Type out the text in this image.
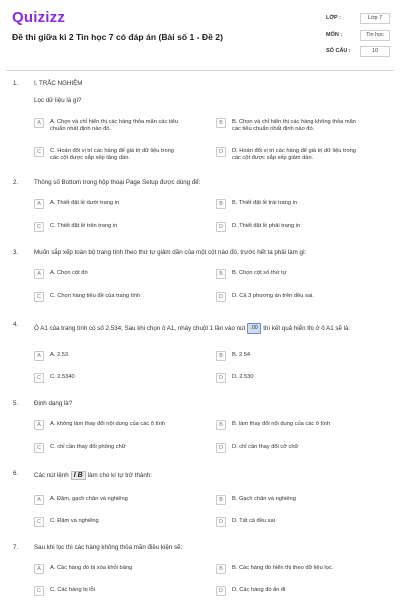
Quizizz
Đề thi giữa kì 2 Tin học 7 có đáp án (Bài số 1 - Đề 2)
LỚP :	Lớp 7
MÔN :	Tin học
SỐ CÂU :	10
1.	I. TRẮC NGHIỆM
Lọc dữ liệu là gì?
A	A. Chọn và chỉ hiển thị các hàng thỏa mãn các tiêu
chuẩn nhất định nào đó.
B	B. Chọn và chỉ hiển thị các hàng không thỏa mãn
các tiêu chuẩn nhất định nào đó.
C	C. Hoán đổi vị trí các hàng để giá trị dữ liệu trong
các cột được sắp xếp tăng dần.
D	D. Hoán đổi vị trí các hàng để giá trị dữ liệu trong
các cột được sắp xếp giảm dần.
2.	Thông số Bottom trong hộp thoại Page Setup được dùng để:
A	A. Thiết đặt lề dưới trang in	B	B. Thiết đặt lề trái trang in
C	C. Thiết đặt lề trên trang in	D	D. Thiết đặt lề phải trang in
3.	Muốn sắp xếp toàn bộ trang tính theo thứ tự giảm dần của một cột nào đó, trước hết ta phải làm gì:
A	A. Chọn cột đó	B	B. Chọn cột số thứ tự
C	C. Chọn hàng tiêu đề của trang tính	D	D. Cả 3 phương án trên đều sai.
4.
Ô A1 của trang tính có số 2.534; Sau khi chọn ô A1, nháy chuột 1 lần vào nút .00 thì kết quả hiển thị ở ô A1 sẽ là:
A	A. 2.53	B	B. 2.54
C	C. 2.5340	D	D. 2.530
5.	Định dạng là?
A	A. không làm thay đổi nội dung của các ô tính	B	B. làm thay đổi nội dung của các ô tính
C	C. chỉ cần thay đổi phông chữ	D	D. chỉ cần thay đổi cỡ chữ
6.	Các nút lệnh I B làm cho kí tự trở thành:
A	A. Đậm, gạch chân và nghiêng	B	B. Gạch chân và nghiêng
C	C. Đậm và nghiêng	D	D. Tất cả đều sai
7.	Sau khi lọc thì các hàng không thỏa mãn điều kiện sẽ:
A	A. Các hàng đó bị xóa khỏi bảng	B	B. Các hàng đó hiển thị theo dữ liệu lọc.
C	C. Các hàng bị lỗi	D	D. Các hàng đó ẩn đi
